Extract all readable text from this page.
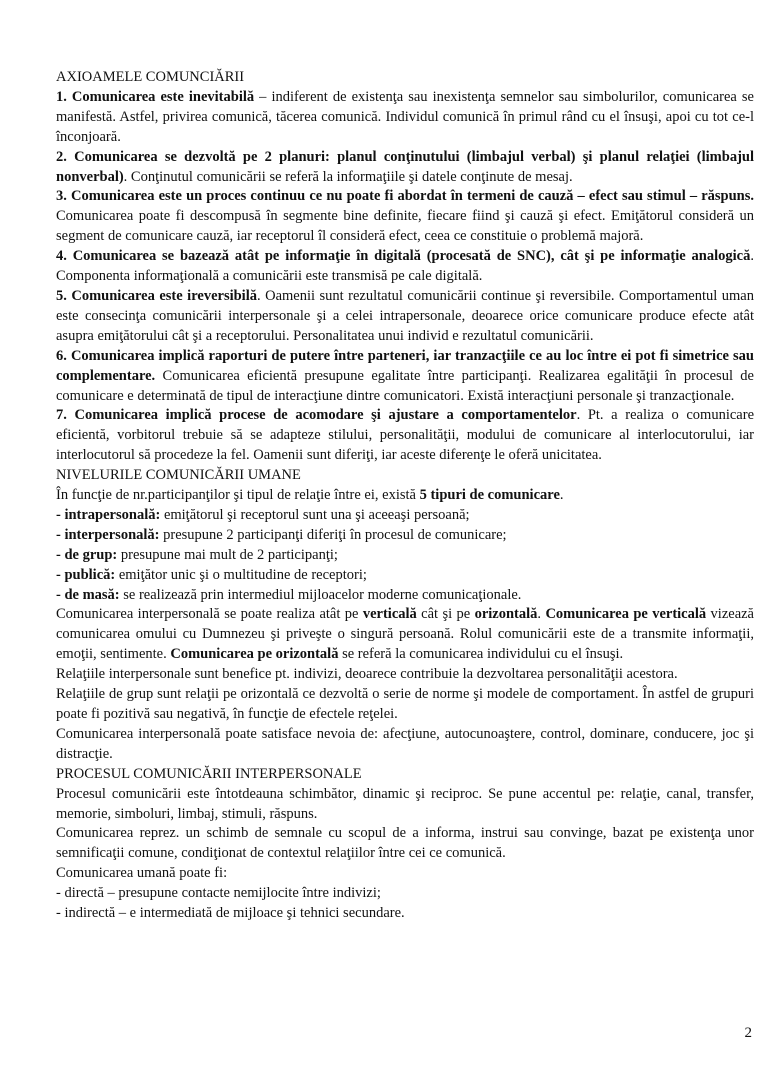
AXIOAMELE COMUNCIĂRII

1. Comunicarea este inevitabilă – indiferent de existenţa sau inexistenţa semnelor sau simbolurilor, comunicarea se manifestă. Astfel, privirea comunică, tăcerea comunică. Individul comunică în primul rând cu el însuşi, apoi cu tot ce-l înconjoară.

2. Comunicarea se dezvoltă pe 2 planuri: planul conţinutului (limbajul verbal) şi planul relaţiei (limbajul nonverbal). Conţinutul comunicării se referă la informaţiile şi datele conţinute de mesaj.

3. Comunicarea este un proces continuu ce nu poate fi abordat în termeni de cauză – efect sau stimul – răspuns. Comunicarea poate fi descompusă în segmente bine definite, fiecare fiind şi cauză şi efect. Emiţătorul consideră un segment de comunicare cauză, iar receptorul îl consideră efect, ceea ce constituie o problemă majoră.

4. Comunicarea se bazează atât pe informaţie în digitală (procesată de SNC), cât şi pe informaţie analogică. Componenta informaţională a comunicării este transmisă pe cale digitală.

5. Comunicarea este ireversibilă. Oamenii sunt rezultatul comunicării continue şi reversibile. Comportamentul uman este consecinţa comunicării interpersonale şi a celei intrapersonale, deoarece orice comunicare produce efecte atât asupra emiţătorului cât şi a receptorului. Personalitatea unui individ e rezultatul comunicării.

6. Comunicarea implică raporturi de putere între parteneri, iar tranzacţiile ce au loc între ei pot fi simetrice sau complementare. Comunicarea eficientă presupune egalitate între participanţi. Realizarea egalităţii în procesul de comunicare e determinată de tipul de interacţiune dintre comunicatori. Există interacţiuni personale şi tranzacţionale.

7. Comunicarea implică procese de acomodare şi ajustare a comportamentelor. Pt. a realiza o comunicare eficientă, vorbitorul trebuie să se adapteze stilului, personalităţii, modului de comunicare al interlocutorului, iar interlocutorul să procedeze la fel. Oamenii sunt diferiţi, iar aceste diferenţe le oferă unicitatea.

NIVELURILE COMUNICĂRII UMANE

În funcţie de nr.participanţilor şi tipul de relaţie între ei, există 5 tipuri de comunicare.

- intrapersonală: emiţătorul şi receptorul sunt una şi aceeaşi persoană;

- interpersonală: presupune 2 participanţi diferiţi în procesul de comunicare;

- de grup: presupune mai mult de 2 participanţi;

- publică: emiţător unic şi o multitudine de receptori;

- de masă: se realizează prin intermediul mijloacelor moderne comunicaţionale.

Comunicarea interpersonală se poate realiza atât pe verticală cât şi pe orizontală. Comunicarea pe verticală vizează comunicarea omului cu Dumnezeu şi priveşte o singură persoană. Rolul comunicării este de a transmite informaţii, emoţii, sentimente. Comunicarea pe orizontală se referă la comunicarea individului cu el însuşi.

Relaţiile interpersonale sunt benefice pt. indivizi, deoarece contribuie la dezvoltarea personalităţii acestora.

Relaţiile de grup sunt relaţii pe orizontală ce dezvoltă o serie de norme şi modele de comportament. În astfel de grupuri poate fi pozitivă sau negativă, în funcţie de efectele reţelei.

Comunicarea interpersonală poate satisface nevoia de: afecţiune, autocunoaştere, control, dominare, conducere, joc şi distracţie.

PROCESUL COMUNICĂRII INTERPERSONALE

Procesul comunicării este întotdeauna schimbător, dinamic şi reciproc. Se pune accentul pe: relaţie, canal, transfer, memorie, simboluri, limbaj, stimuli, răspuns.

Comunicarea reprez. un schimb de semnale cu scopul de a informa, instrui sau convinge, bazat pe existenţa unor semnificaţii comune, condiţionat de contextul relaţiilor între cei ce comunică.

Comunicarea umană poate fi:

- directă – presupune contacte nemijlocite între indivizi;

- indirectă – e intermediată de mijloace şi tehnici secundare.

2
